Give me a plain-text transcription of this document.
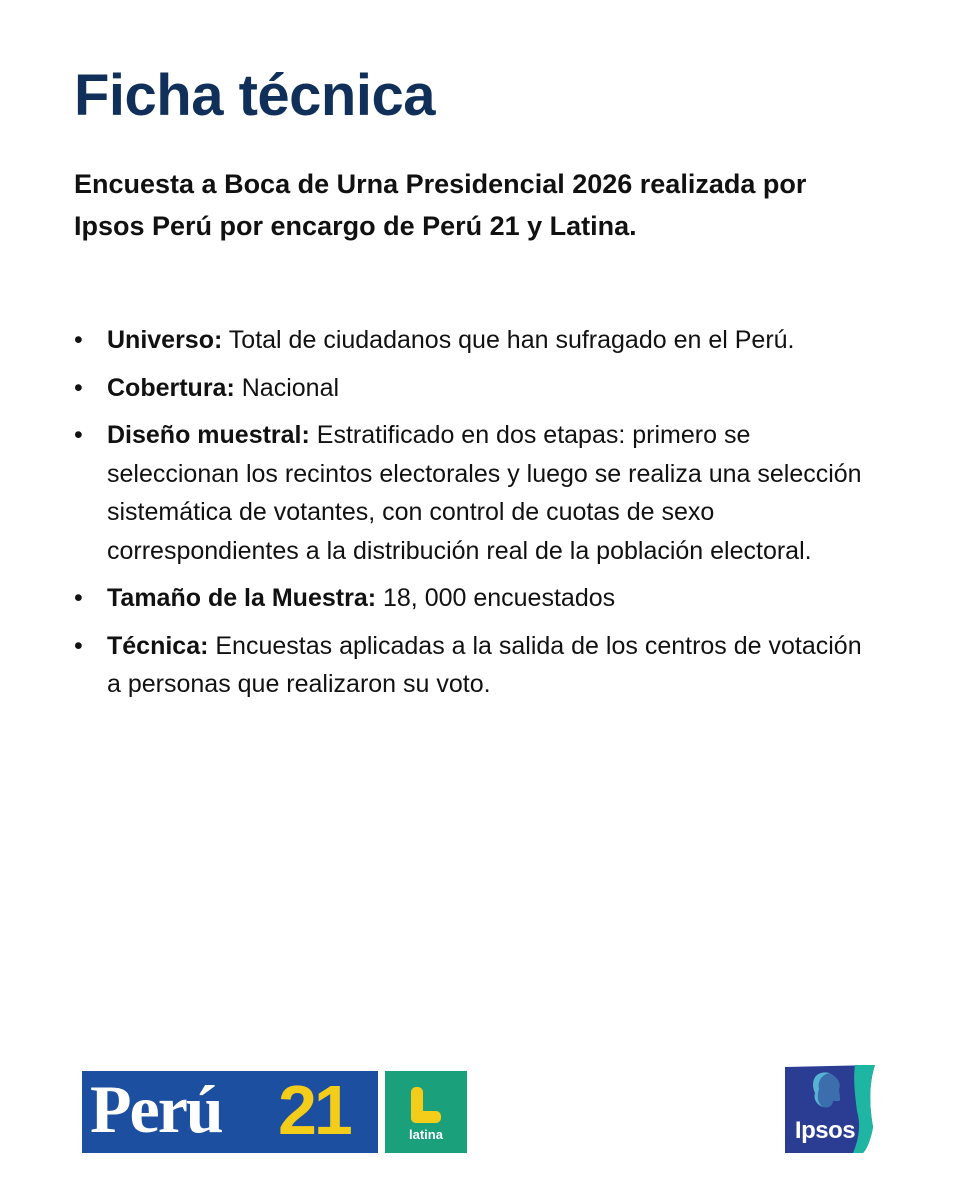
Ficha técnica

Encuesta a Boca de Urna Presidencial 2026 realizada por Ipsos Perú por encargo de Perú 21 y Latina.

• Universo: Total de ciudadanos que han sufragado en el Perú.
• Cobertura: Nacional
• Diseño muestral: Estratificado en dos etapas: primero se seleccionan los recintos electorales y luego se realiza una selección sistemática de votantes, con control de cuotas de sexo correspondientes a la distribución real de la población electoral.
• Tamaño de la Muestra: 18, 000 encuestados
• Técnica: Encuestas aplicadas a la salida de los centros de votación a personas que realizaron su voto.
Perú 21	latina	Ipsos
